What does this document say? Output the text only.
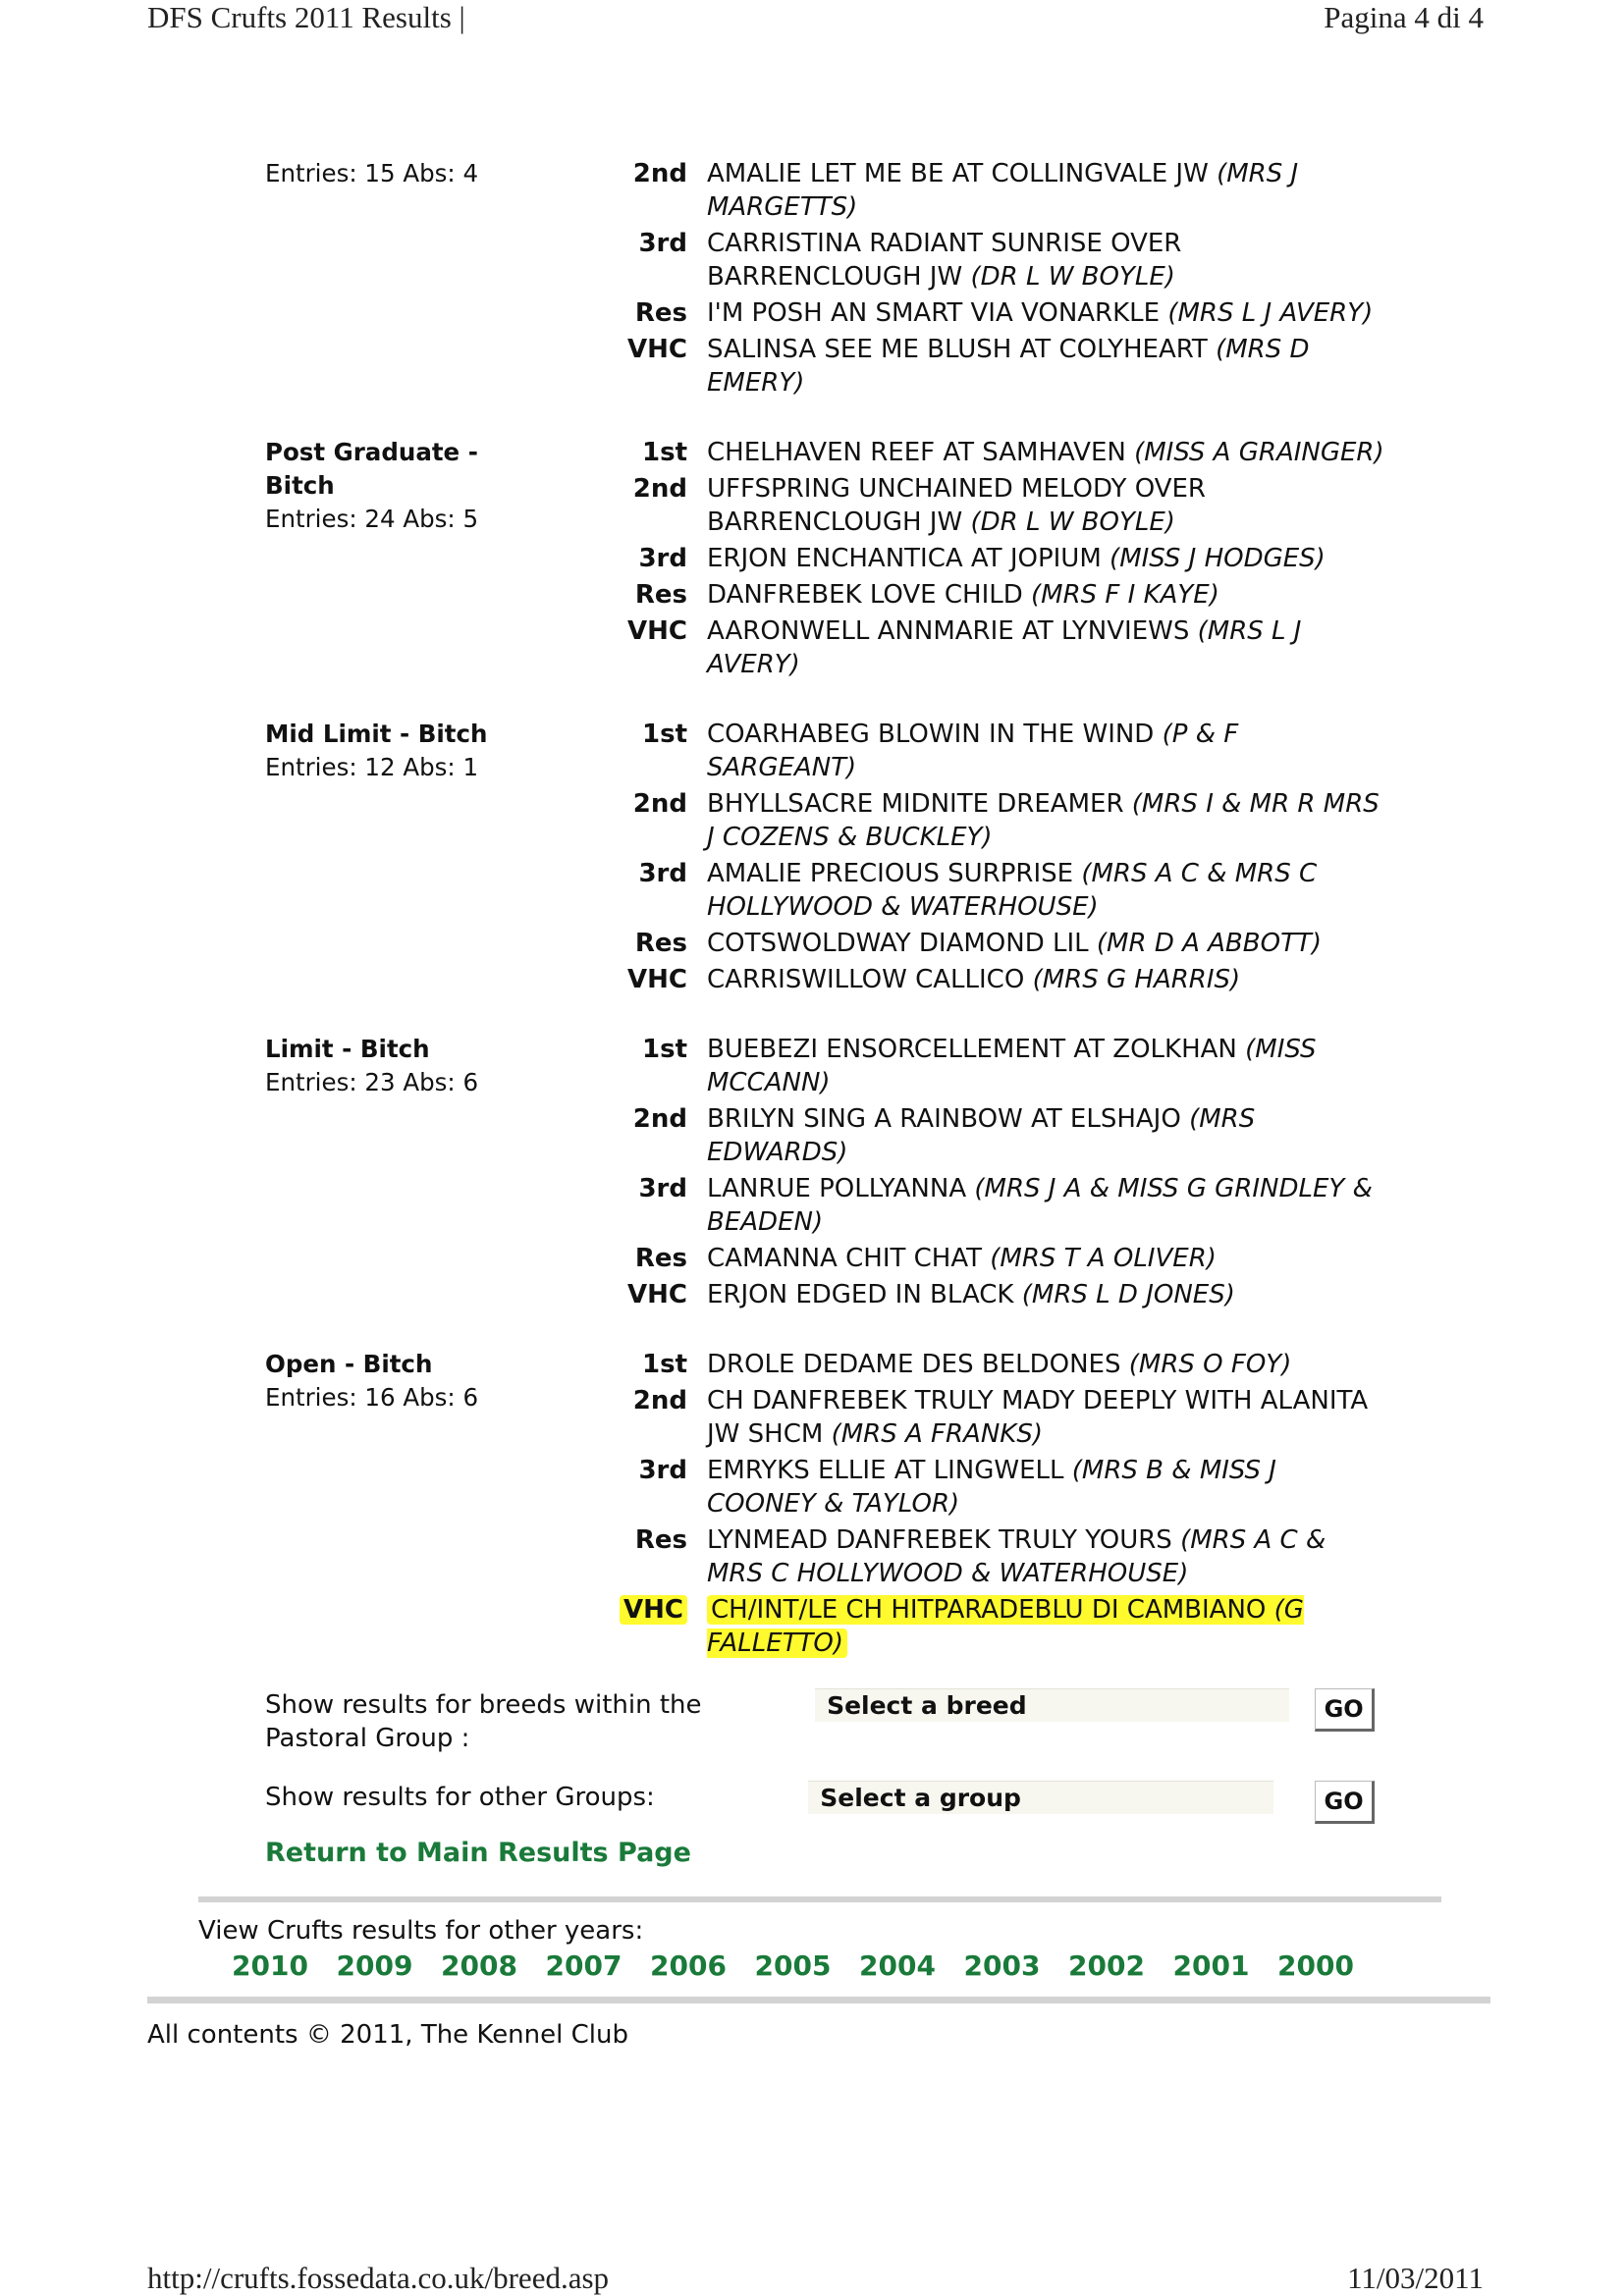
DFS Crufts 2011 Results |	Pagina 4 di 4
Entries: 15 Abs: 4	2nd AMALIE LET ME BE AT COLLINGVALE JW (MRS J MARGETTS)
3rd CARRISTINA RADIANT SUNRISE OVER BARRENCLOUGH JW (DR L W BOYLE)
Res I'M POSH AN SMART VIA VONARKLE (MRS L J AVERY)
VHC SALINSA SEE ME BLUSH AT COLYHEART (MRS D EMERY)
Post Graduate - Bitch
Entries: 24 Abs: 5
1st CHELHAVEN REEF AT SAMHAVEN (MISS A GRAINGER)
2nd UFFSPRING UNCHAINED MELODY OVER BARRENCLOUGH JW (DR L W BOYLE)
3rd ERJON ENCHANTICA AT JOPIUM (MISS J HODGES)
Res DANFREBEK LOVE CHILD (MRS F I KAYE)
VHC AARONWELL ANNMARIE AT LYNVIEWS (MRS L J AVERY)
Mid Limit - Bitch
Entries: 12 Abs: 1
1st COARHABEG BLOWIN IN THE WIND (P & F SARGEANT)
2nd BHYLLSACRE MIDNITE DREAMER (MRS I & MR R MRS J COZENS & BUCKLEY)
3rd AMALIE PRECIOUS SURPRISE (MRS A C & MRS C HOLLYWOOD & WATERHOUSE)
Res COTSWOLDWAY DIAMOND LIL (MR D A ABBOTT)
VHC CARRISWILLOW CALLICO (MRS G HARRIS)
Limit - Bitch
Entries: 23 Abs: 6
1st BUEBEZI ENSORCELLEMENT AT ZOLKHAN (MISS MCCANN)
2nd BRILYN SING A RAINBOW AT ELSHAJO (MRS EDWARDS)
3rd LANRUE POLLYANNA (MRS J A & MISS G GRINDLEY & BEADEN)
Res CAMANNA CHIT CHAT (MRS T A OLIVER)
VHC ERJON EDGED IN BLACK (MRS L D JONES)
Open - Bitch
Entries: 16 Abs: 6
1st DROLE DEDAME DES BELDONES (MRS O FOY)
2nd CH DANFREBEK TRULY MADY DEEPLY WITH ALANITA JW SHCM (MRS A FRANKS)
3rd EMRYKS ELLIE AT LINGWELL (MRS B & MISS J COONEY & TAYLOR)
Res LYNMEAD DANFREBEK TRULY YOURS (MRS A C & MRS C HOLLYWOOD & WATERHOUSE)
VHC	CH/INT/LE CH HITPARADEBLU DI CAMBIANO (G FALLETTO)
Show results for breeds within the Pastoral Group :
Select a breed	GO
Show results for other Groups:	Select a group	GO
Return to Main Results Page
View Crufts results for other years:
2010	2009	2008	2007	2006	2005	2004	2003	2002	2001	2000
All contents © 2011, The Kennel Club
http://crufts.fossedata.co.uk/breed.asp	11/03/2011
